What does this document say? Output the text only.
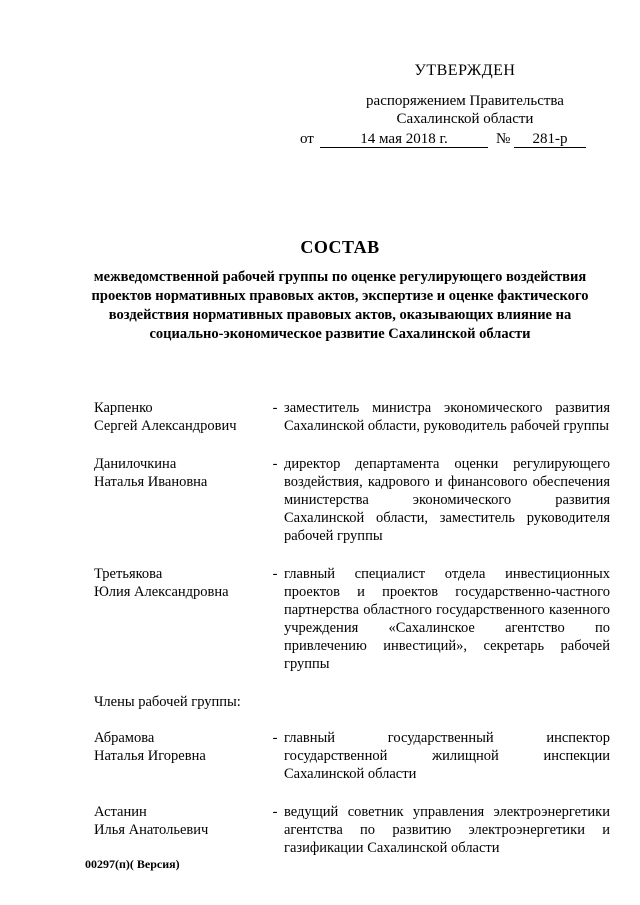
УТВЕРЖДЕН
распоряжением Правительства
Сахалинской области
от	14 мая 2018 г.	№	281-р
СОСТАВ
межведомственной рабочей группы по оценке регулирующего воздействия проектов нормативных правовых актов, экспертизе и оценке фактического воздействия нормативных правовых актов, оказывающих влияние на социально-экономическое развитие Сахалинской области
Карпенко
Сергей Александрович
- заместитель министра экономического развития Сахалинской области, руководитель рабочей группы
Данилочкина
Наталья Ивановна
- директор департамента оценки регулирующего воздействия, кадрового и финансового обеспечения министерства экономического развития Сахалинской области, заместитель руководителя рабочей группы
Третьякова
Юлия Александровна
- главный специалист отдела инвестиционных проектов и проектов государственно-частного партнерства областного государственного казенного учреждения «Сахалинское агентство по привлечению инвестиций», секретарь рабочей группы
Члены рабочей группы:
Абрамова
Наталья Игоревна
- главный государственный инспектор государственной жилищной инспекции Сахалинской области
Астанин
Илья Анатольевич
- ведущий советник управления электроэнергетики агентства по развитию электроэнергетики и газификации Сахалинской области
00297(п)( Версия)
